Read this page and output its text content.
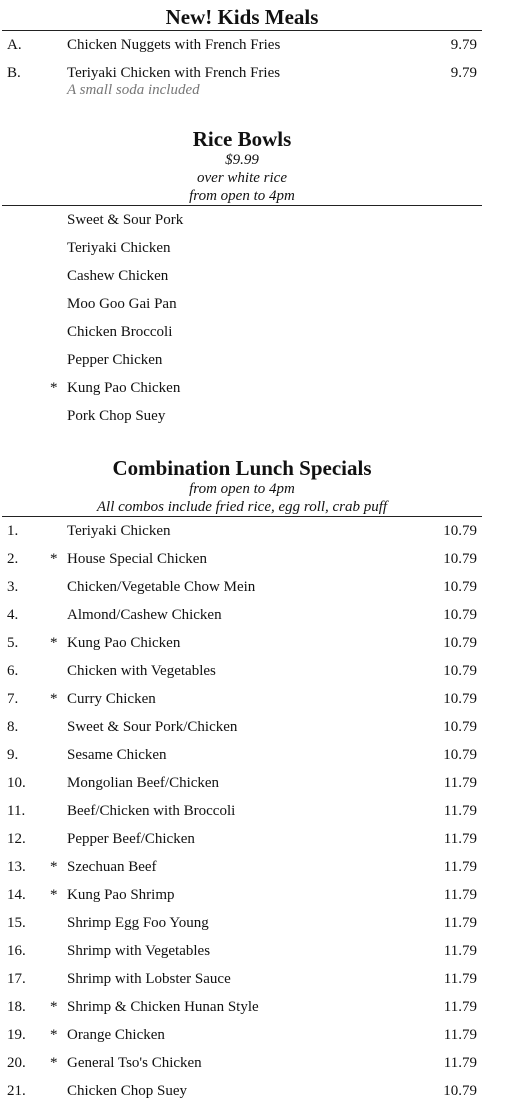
New! Kids Meals
A.	Chicken Nuggets with French Fries	9.79
B.	Teriyaki Chicken with French Fries	9.79
A small soda included
Rice Bowls
$9.99
over white rice
from open to 4pm
Sweet & Sour Pork
Teriyaki Chicken
Cashew Chicken
Moo Goo Gai Pan
Chicken Broccoli
Pepper Chicken
* Kung Pao Chicken
Pork Chop Suey
Combination Lunch Specials
from open to 4pm
All combos include fried rice, egg roll, crab puff
1.	Teriyaki Chicken	10.79
2. * House Special Chicken	10.79
3.	Chicken/Vegetable Chow Mein	10.79
4.	Almond/Cashew Chicken	10.79
5. * Kung Pao Chicken	10.79
6.	Chicken with Vegetables	10.79
7. * Curry Chicken	10.79
8.	Sweet & Sour Pork/Chicken	10.79
9.	Sesame Chicken	10.79
10.	Mongolian Beef/Chicken	11.79
11.	Beef/Chicken with Broccoli	11.79
12.	Pepper Beef/Chicken	11.79
13. * Szechuan Beef	11.79
14. * Kung Pao Shrimp	11.79
15.	Shrimp Egg Foo Young	11.79
16.	Shrimp with Vegetables	11.79
17.	Shrimp with Lobster Sauce	11.79
18. * Shrimp & Chicken Hunan Style	11.79
19. * Orange Chicken	11.79
20. * General Tso's Chicken	11.79
21.	Chicken Chop Suey	10.79
